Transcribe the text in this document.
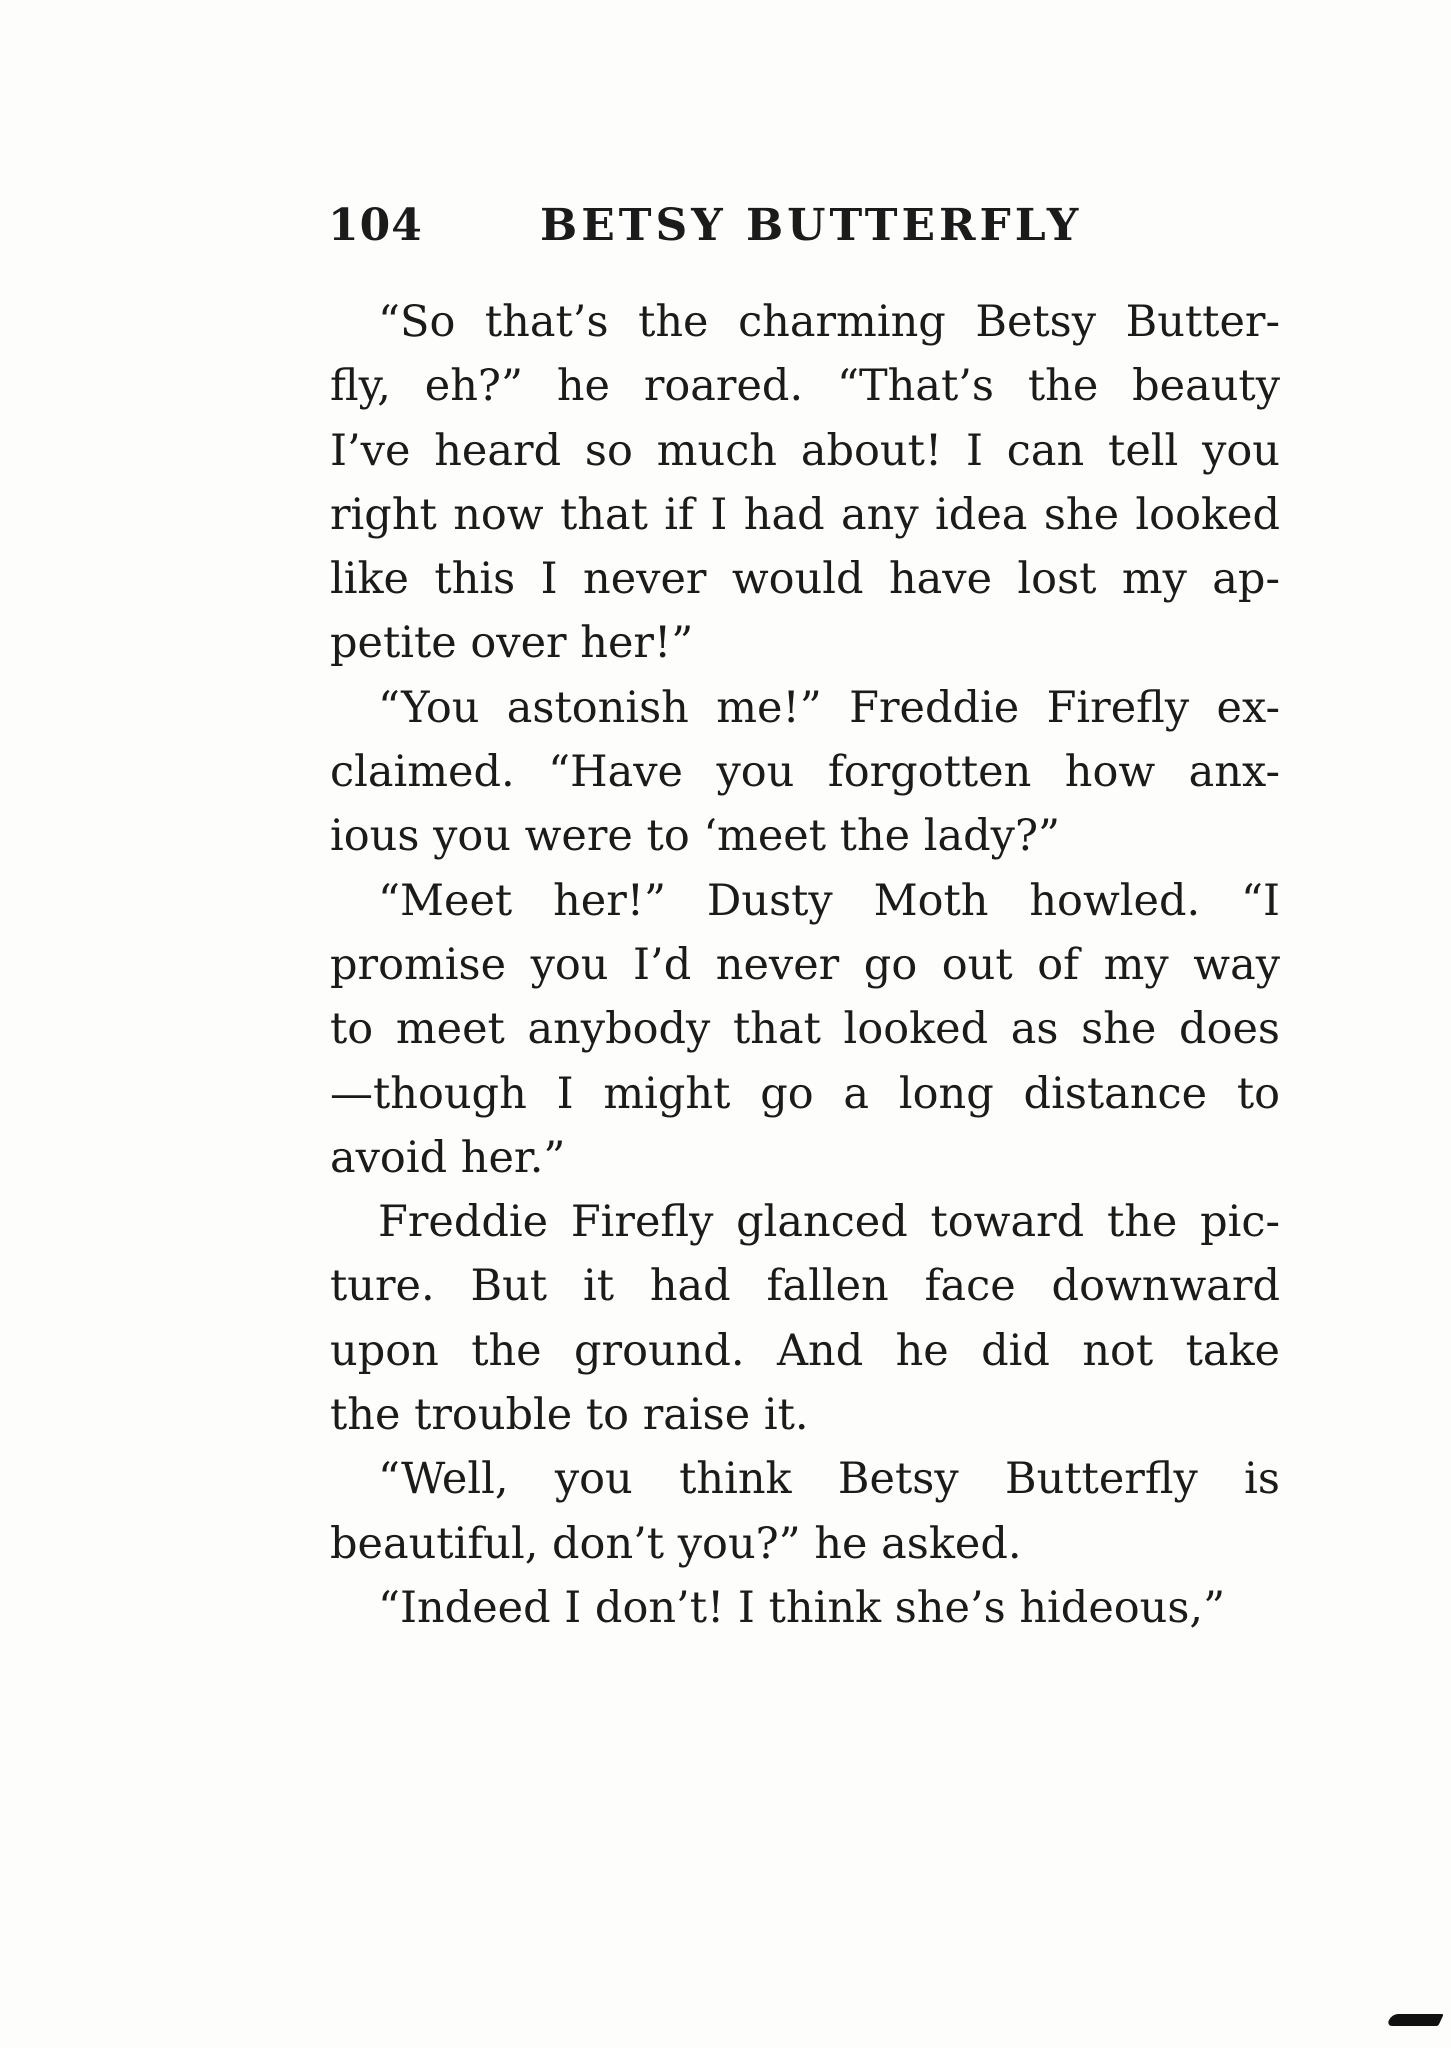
104	BETSY BUTTERFLY
“So that’s the charming Betsy Butter-
fly, eh?” he roared. “That’s the beauty
I’ve heard so much about! I can tell you
right now that if I had any idea she looked
like this I never would have lost my ap-
petite over her!”
“You astonish me!” Freddie Firefly ex-
claimed. “Have you forgotten how anx-
ious you were to ‘meet the lady?”
“Meet her!” Dusty Moth howled. “I
promise you I’d never go out of my way
to meet anybody that looked as she does
—though I might go a long distance to
avoid her.”
Freddie Firefly glanced toward the pic-
ture. But it had fallen face downward
upon the ground. And he did not take
the trouble to raise it.
“Well, you think Betsy Butterfly is
beautiful, don’t you?” he asked.
“Indeed I don’t! I think she’s hideous,”
